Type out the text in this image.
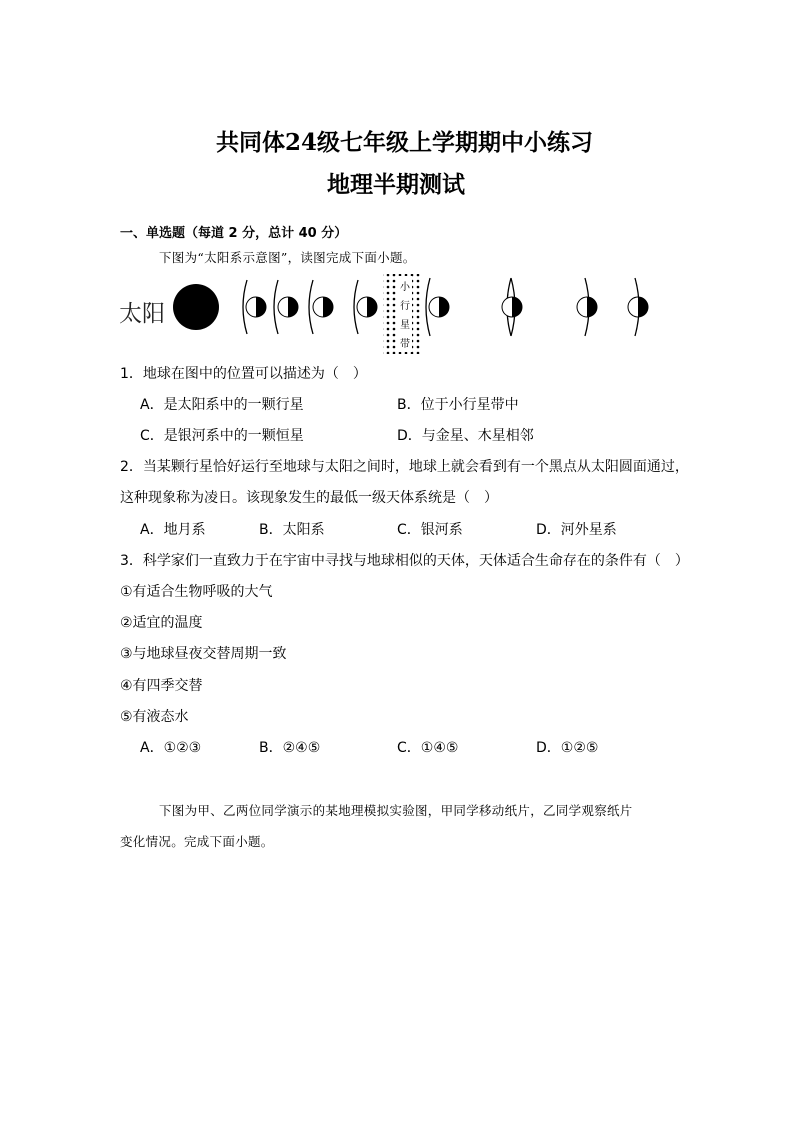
共同体24级七年级上学期期中小练习
地理半期测试
一、单选题（每道 2 分，总计 40 分）
下图为“太阳系示意图”，读图完成下面小题。
太阳
小
行
星
带
1．地球在图中的位置可以描述为（　）
A．是太阳系中的一颗行星	B．位于小行星带中
C．是银河系中的一颗恒星	D．与金星、木星相邻
2．当某颗行星恰好运行至地球与太阳之间时，地球上就会看到有一个黑点从太阳圆面通过，
这种现象称为凌日。该现象发生的最低一级天体系统是（　）
A．地月系	B．太阳系	C．银河系	D．河外星系
3．科学家们一直致力于在宇宙中寻找与地球相似的天体，天体适合生命存在的条件有（　）
①有适合生物呼吸的大气
②适宜的温度
③与地球昼夜交替周期一致
④有四季交替
⑤有液态水
A．①②③	B．②④⑤	C．①④⑤	D．①②⑤
下图为甲、乙两位同学演示的某地理模拟实验图，甲同学移动纸片，乙同学观察纸片
变化情况。完成下面小题。
